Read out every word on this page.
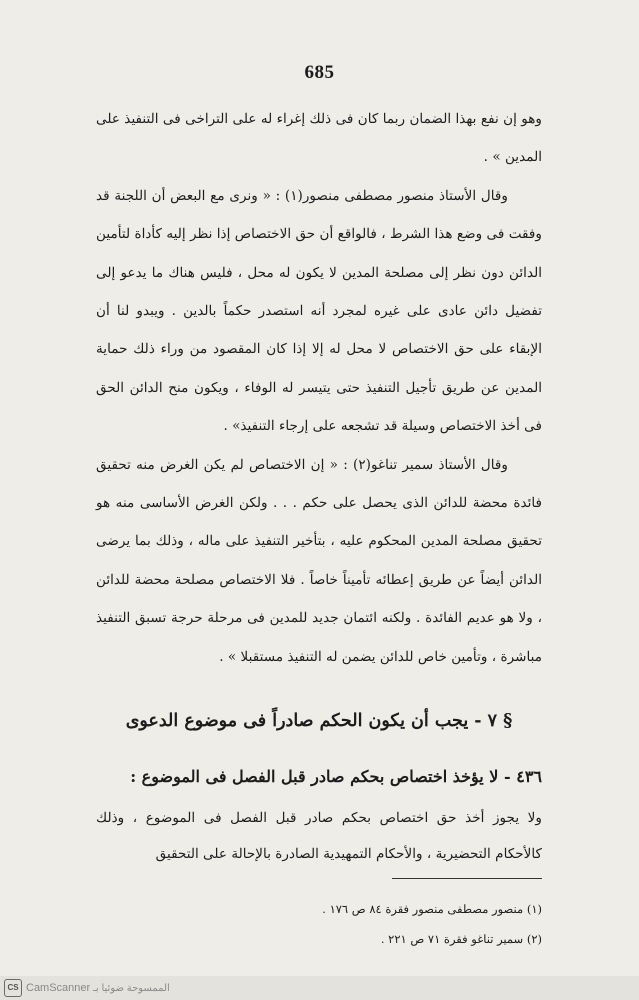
685

وهو إن نفع بهذا الضمان ربما كان فى ذلك إغراء له على التراخى فى التنفيذ على المدين » .

وقال الأستاذ منصور مصطفى منصور(١) : « ونرى مع البعض أن اللجنة قد وفقت فى وضع هذا الشرط ، فالواقع أن حق الاختصاص إذا نظر إليه كأداة لتأمين الدائن دون نظر إلى مصلحة المدين لا يكون له محل ، فليس هناك ما يدعو إلى تفضيل دائن عادى على غيره لمجرد أنه استصدر حكماً بالدين . ويبدو لنا أن الإبقاء على حق الاختصاص لا محل له إلا إذا كان المقصود من وراء ذلك حماية المدين عن طريق تأجيل التنفيذ حتى يتيسر له الوفاء ، ويكون منح الدائن الحق فى أخذ الاختصاص وسيلة قد تشجعه على إرجاء التنفيذ» .

وقال الأستاذ سمير تناغو(٢) : « إن الاختصاص لم يكن الغرض منه تحقيق فائدة محضة للدائن الذى يحصل على حكم . . . ولكن الغرض الأساسى منه هو تحقيق مصلحة المدين المحكوم عليه ، بتأخير التنفيذ على ماله ، وذلك بما يرضى الدائن أيضاً عن طريق إعطائه تأميناً خاصاً . فلا الاختصاص مصلحة محضة للدائن ، ولا هو عديم الفائدة . ولكنه ائتمان جديد للمدين فى مرحلة حرجة تسبق التنفيذ مباشرة ، وتأمين خاص للدائن يضمن له التنفيذ مستقبلا » .

§ ٧ - يجب أن يكون الحكم صادراً فى موضوع الدعوى
٤٣٦ - لا يؤخذ اختصاص بحكم صادر قبل الفصل فى الموضوع :

ولا يجوز أخذ حق اختصاص بحكم صادر قبل الفصل فى الموضوع ، وذلك كالأحكام التحضيرية ، والأحكام التمهيدية الصادرة بالإحالة على التحقيق

(١) منصور مصطفى منصور فقرة ٨٤ ص ١٧٦ .
(٢) سمير تناغو فقرة ٧١ ص ٢٢١ .
CS CamScanner الممسوحة ضوئيا بـ
